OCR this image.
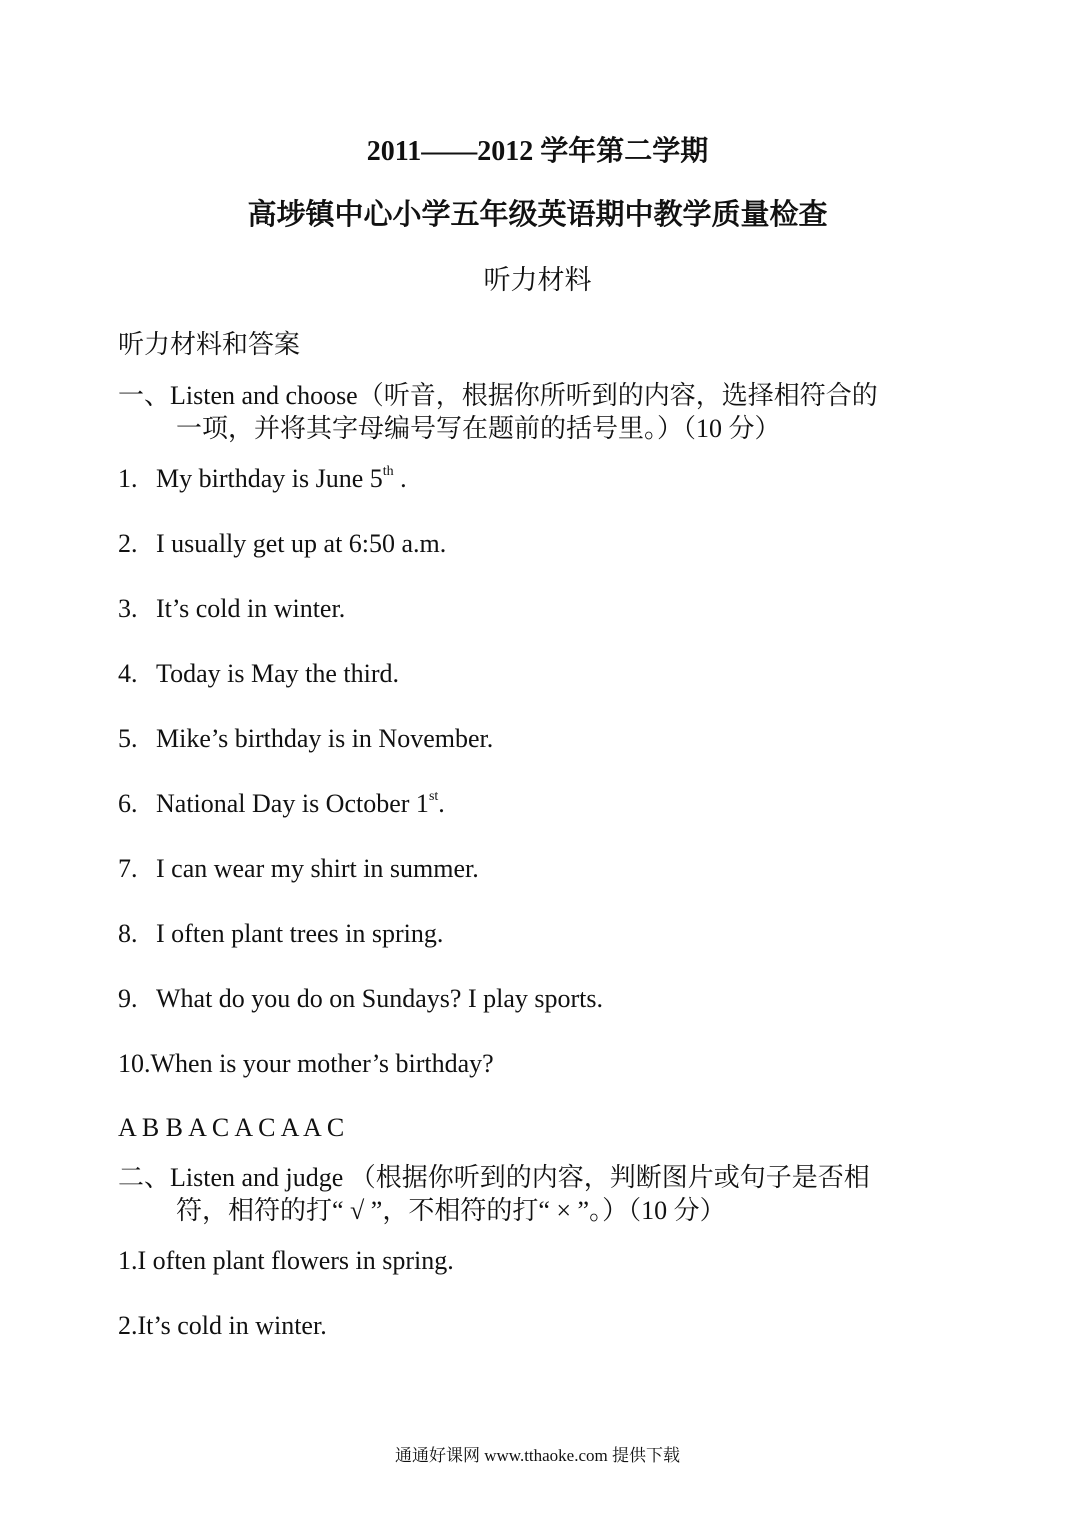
2011——2012 学年第二学期
高埗镇中心小学五年级英语期中教学质量检查
听力材料
听力材料和答案
一、Listen and choose（听音，根据你所听到的内容，选择相符合的
一项，并将其字母编号写在题前的括号里。）（10 分）
1. My birthday is June 5th .
2. I usually get up at 6:50 a.m.
3. It’s cold in winter.
4. Today is May the third.
5. Mike’s birthday is in November.
6. National Day is October 1st.
7. I can wear my shirt in summer.
8. I often plant trees in spring.
9. What do you do on Sundays? I play sports.
10.When is your mother’s birthday?
A B B A C A C A A C
二、Listen and judge （根据你听到的内容，判断图片或句子是否相
符，相符的打“ √ ”，不相符的打“ × ”。）（10 分）
1.I often plant flowers in spring.
2.It’s cold in winter.
通通好课网 www.tthaoke.com 提供下载
